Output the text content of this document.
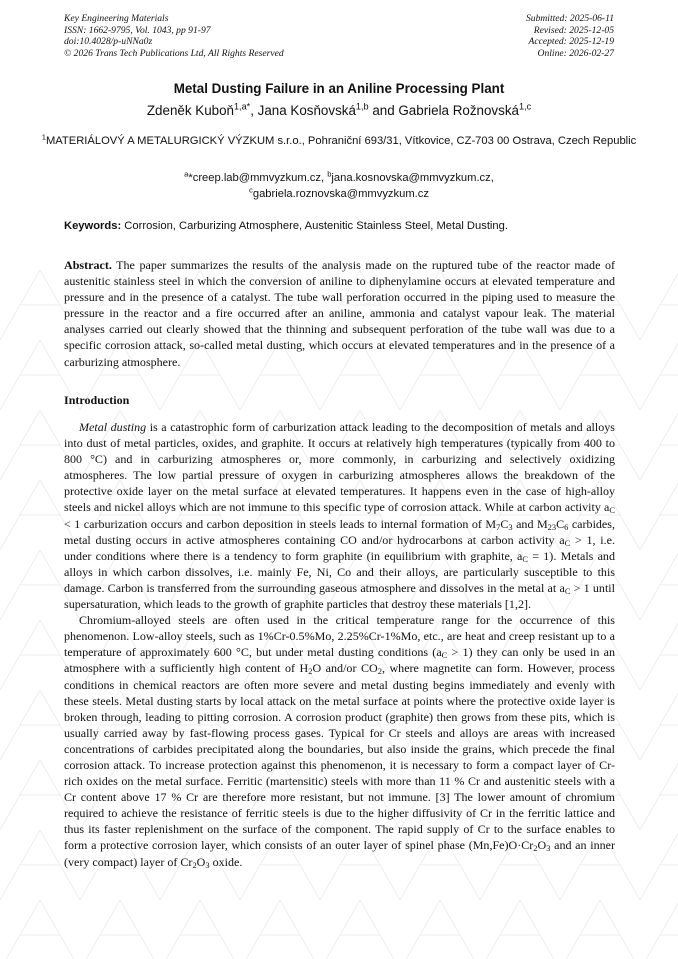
Key Engineering Materials
ISSN: 1662-9795, Vol. 1043, pp 91-97
doi:10.4028/p-uNNa0z
© 2026 Trans Tech Publications Ltd, All Rights Reserved
Submitted: 2025-06-11
Revised: 2025-12-05
Accepted: 2025-12-19
Online: 2026-02-27
Metal Dusting Failure in an Aniline Processing Plant
Zdeněk Kuboň$^{1,a*}$, Jana Kosňovská$^{1,b}$ and Gabriela Rožnovská$^{1,c}$
$^1$MATERIÁLOVÝ A METALURGICKÝ VÝZKUM s.r.o., Pohraniční 693/31, Vítkovice, CZ-703 00 Ostrava, Czech Republic
$^a$*creep.lab@mmvyzkum.cz, $^b$jana.kosnovska@mmvyzkum.cz,
$^c$gabriela.roznovska@mmvyzkum.cz
Keywords: Corrosion, Carburizing Atmosphere, Austenitic Stainless Steel, Metal Dusting.
Abstract. The paper summarizes the results of the analysis made on the ruptured tube of the reactor made of austenitic stainless steel in which the conversion of aniline to diphenylamine occurs at elevated temperature and pressure and in the presence of a catalyst. The tube wall perforation occurred in the piping used to measure the pressure in the reactor and a fire occurred after an aniline, ammonia and catalyst vapour leak. The material analyses carried out clearly showed that the thinning and subsequent perforation of the tube wall was due to a specific corrosion attack, so-called metal dusting, which occurs at elevated temperatures and in the presence of a carburizing atmosphere.
Introduction

Metal dusting is a catastrophic form of carburization attack leading to the decomposition of metals and alloys into dust of metal particles, oxides, and graphite. It occurs at relatively high temperatures (typically from 400 to 800 °C) and in carburizing atmospheres or, more commonly, in carburizing and selectively oxidizing atmospheres. The low partial pressure of oxygen in carburizing atmospheres allows the breakdown of the protective oxide layer on the metal surface at elevated temperatures. It happens even in the case of high-alloy steels and nickel alloys which are not immune to this specific type of corrosion attack. While at carbon activity $a_C < 1$ carburization occurs and carbon deposition in steels leads to internal formation of $M_7C_3$ and $M_{23}C_6$ carbides, metal dusting occurs in active atmospheres containing CO and/or hydrocarbons at carbon activity $a_C > 1$, i.e. under conditions where there is a tendency to form graphite (in equilibrium with graphite, $a_C = 1$). Metals and alloys in which carbon dissolves, i.e. mainly Fe, Ni, Co and their alloys, are particularly susceptible to this damage. Carbon is transferred from the surrounding gaseous atmosphere and dissolves in the metal at $a_C > 1$ until supersaturation, which leads to the growth of graphite particles that destroy these materials [1,2].

Chromium-alloyed steels are often used in the critical temperature range for the occurrence of this phenomenon. Low-alloy steels, such as 1%Cr-0.5%Mo, 2.25%Cr-1%Mo, etc., are heat and creep resistant up to a temperature of approximately 600 °C, but under metal dusting conditions $(a_C > 1)$ they can only be used in an atmosphere with a sufficiently high content of $H_2O$ and/or $CO_2$, where magnetite can form. However, process conditions in chemical reactors are often more severe and metal dusting begins immediately and evenly with these steels. Metal dusting starts by local attack on the metal surface at points where the protective oxide layer is broken through, leading to pitting corrosion. A corrosion product (graphite) then grows from these pits, which is usually carried away by fast-flowing process gases. Typical for Cr steels and alloys are areas with increased concentrations of carbides precipitated along the boundaries, but also inside the grains, which precede the final corrosion attack. To increase protection against this phenomenon, it is necessary to form a compact layer of Cr-rich oxides on the metal surface. Ferritic (martensitic) steels with more than 11 % Cr and austenitic steels with a Cr content above 17 % Cr are therefore more resistant, but not immune. [3] The lower amount of chromium required to achieve the resistance of ferritic steels is due to the higher diffusivity of Cr in the ferritic lattice and thus its faster replenishment on the surface of the component. The rapid supply of Cr to the surface enables to form a protective corrosion layer, which consists of an outer layer of spinel phase $(Mn,Fe)O\cdot Cr_2O_3$ and an inner (very compact) layer of $Cr_2O_3$ oxide.
